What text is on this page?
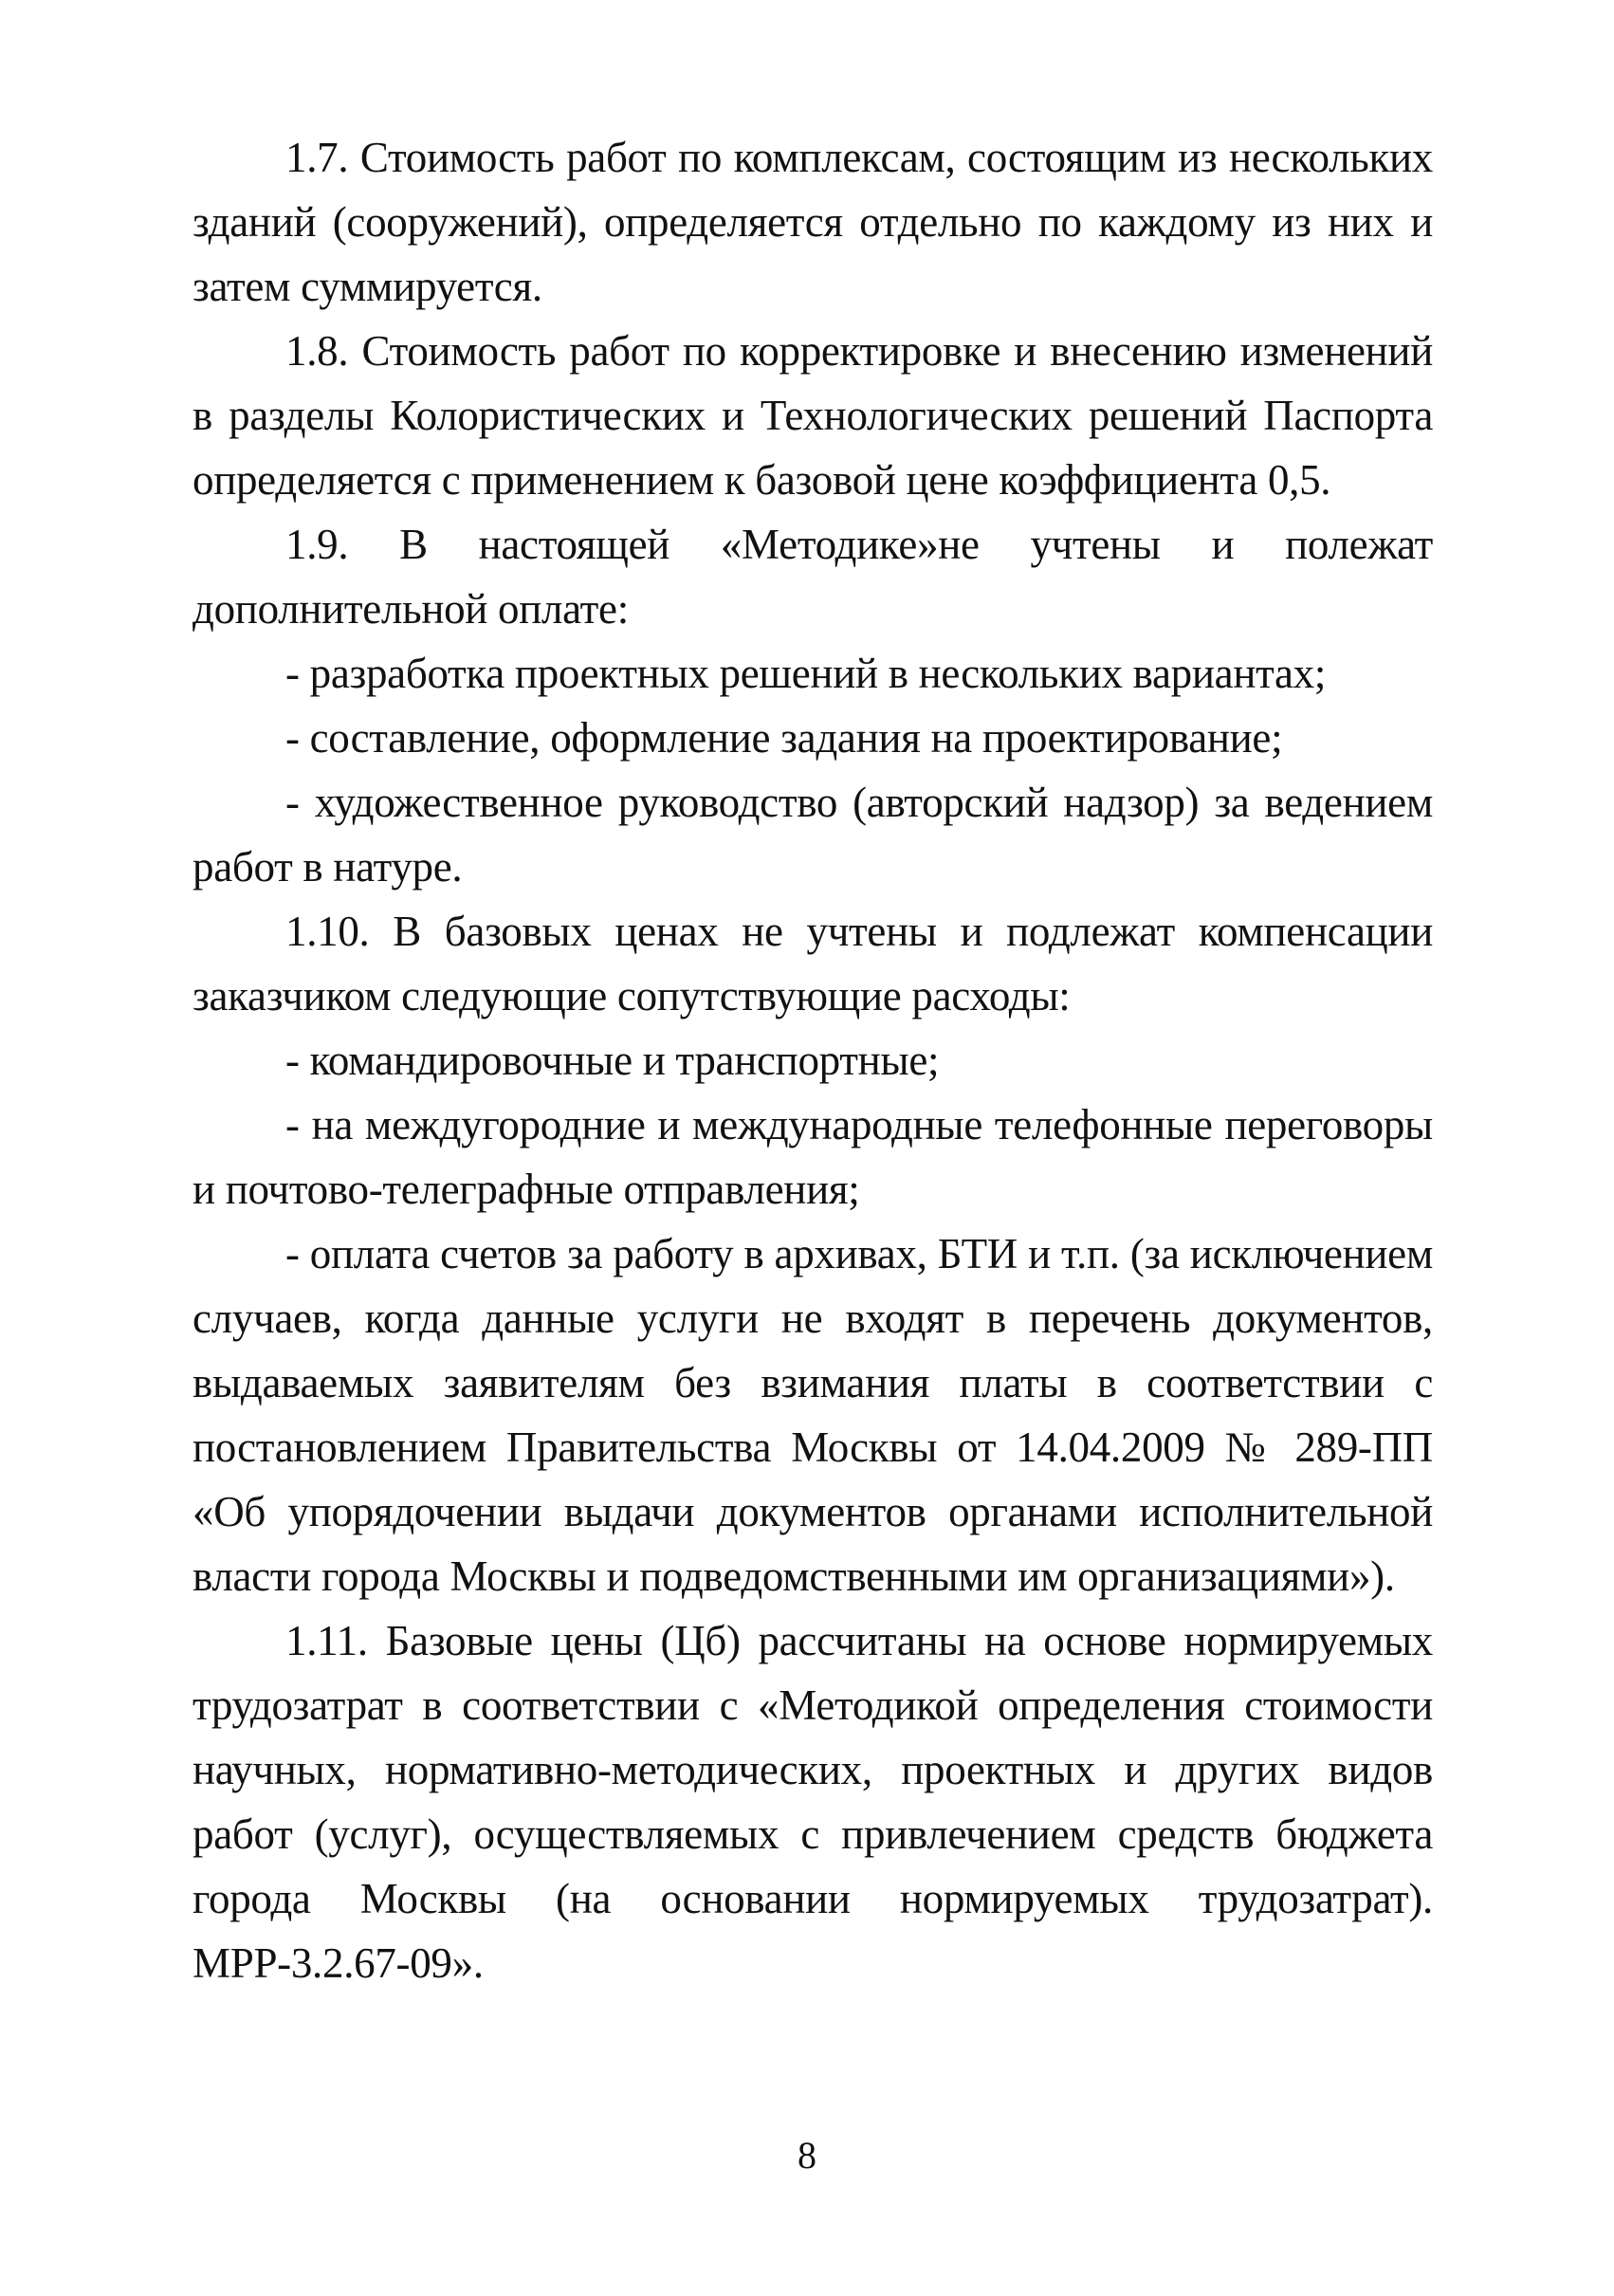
1.7. Стоимость работ по комплексам, состоящим из нескольких зданий (сооружений), определяется отдельно по каждому из них и затем суммируется.

1.8. Стоимость работ по корректировке и внесению изменений в разделы Колористических и Технологических решений Паспорта определяется с применением к базовой цене коэффициента 0,5.

1.9. В настоящей «Методике»не учтены и полежат дополнительной оплате:

- разработка проектных решений в нескольких вариантах;

- составление, оформление задания на проектирование;

- художественное руководство (авторский надзор) за ведением работ в натуре.

1.10. В базовых ценах не учтены и подлежат компенсации заказчиком следующие сопутствующие расходы:

- командировочные и транспортные;

- на междугородние и международные телефонные переговоры и почтово-телеграфные отправления;

- оплата счетов за работу в архивах, БТИ и т.п. (за исключением случаев, когда данные услуги не входят в перечень документов, выдаваемых заявителям без взимания платы в соответствии с постановлением Правительства Москвы от 14.04.2009 № 289-ПП «Об упорядочении выдачи документов органами исполнительной власти города Москвы и подведомственными им организациями»).

1.11. Базовые цены (Цб) рассчитаны на основе нормируемых трудозатрат в соответствии с «Методикой определения стоимости научных, нормативно-методических, проектных и других видов работ (услуг), осуществляемых с привлечением средств бюджета города Москвы (на основании нормируемых трудозатрат). МРР-3.2.67-09».

8
